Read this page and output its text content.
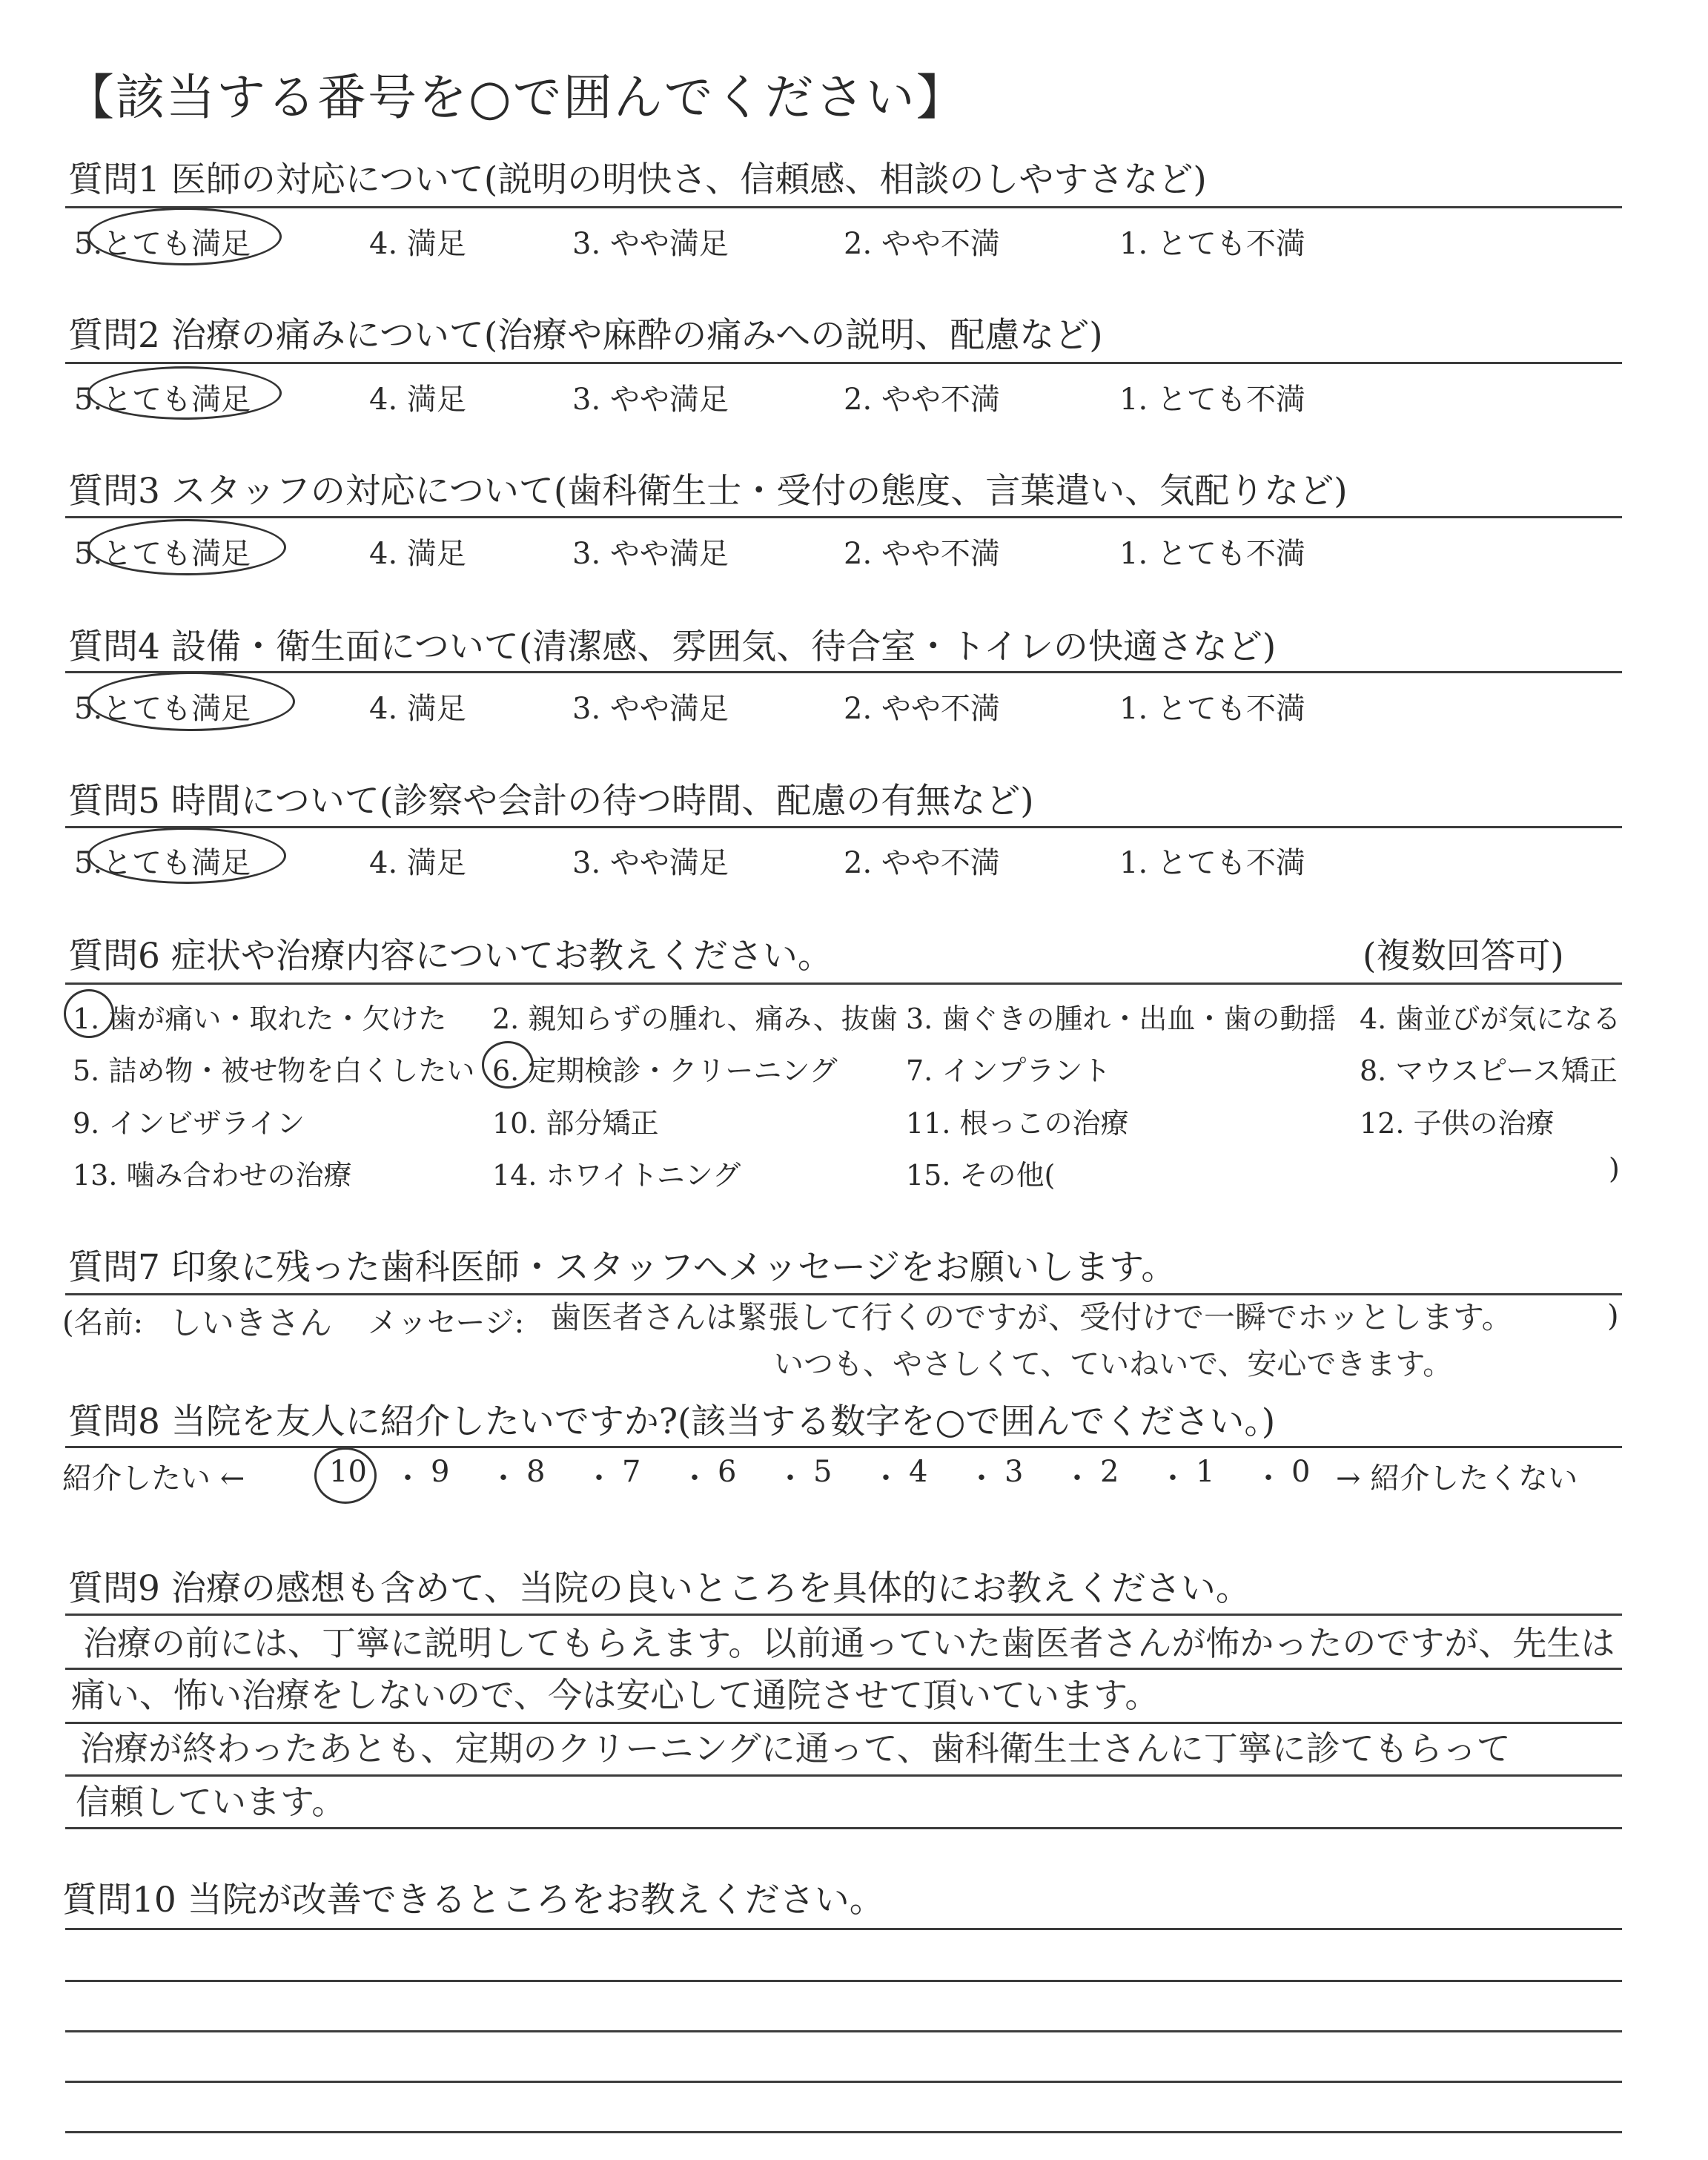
【該当する番号を○で囲んでください】
質問1 医師の対応について(説明の明快さ、信頼感、相談のしやすさなど)
5.とても満足	4. 満足	3. やや満足	2. やや不満	1. とても不満
質問2 治療の痛みについて(治療や麻酔の痛みへの説明、配慮など)
5.とても満足	4. 満足	3. やや満足	2. やや不満	1. とても不満
質問3 スタッフの対応について(歯科衛生士・受付の態度、言葉遣い、気配りなど)
5.とても満足	4. 満足	3. やや満足	2. やや不満	1. とても不満
質問4 設備・衛生面について(清潔感、雰囲気、待合室・トイレの快適さなど)
5.とても満足	4. 満足	3. やや満足	2. やや不満	1. とても不満
質問5 時間について(診察や会計の待つ時間、配慮の有無など)
5.とても満足	4. 満足	3. やや満足	2. やや不満	1. とても不満
質問6 症状や治療内容についてお教えください。	(複数回答可)
1. 歯が痛い・取れた・欠けた 2. 親知らずの腫れ、痛み、抜歯 3. 歯ぐきの腫れ・出血・歯の動揺 4. 歯並びが気になる
5. 詰め物・被せ物を白くしたい 6. 定期検診・クリーニング 7. インプラント	8. マウスピース矯正
9. インビザライン	10. 部分矯正	11. 根っこの治療	12. 子供の治療
13. 噛み合わせの治療	14. ホワイトニング	15. その他(	)
質問7 印象に残った歯科医師・スタッフへメッセージをお願いします。
(名前: しいきさん メッセージ: 歯医者さんは緊張して行くのですが、受付けで一瞬でホッとします。
いつも、やさしくて、ていねいで、安心できます。
)
質問8 当院を友人に紹介したいですか?(該当する数字を○で囲んでください。)
紹介したい ←	→ 紹介したくない
10 ・ 9 ・ 8 ・ 7 ・ 6 ・ 5 ・ 4 ・ 3 ・ 2 ・ 1 ・ 0
質問9 治療の感想も含めて、当院の良いところを具体的にお教えください。
治療の前には、丁寧に説明してもらえます。以前通っていた歯医者さんが怖かったのですが、先生は
痛い、怖い治療をしないので、今は安心して通院させて頂いています。
治療が終わったあとも、定期のクリーニングに通って、歯科衛生士さんに丁寧に診てもらって
信頼しています。
質問10 当院が改善できるところをお教えください。
